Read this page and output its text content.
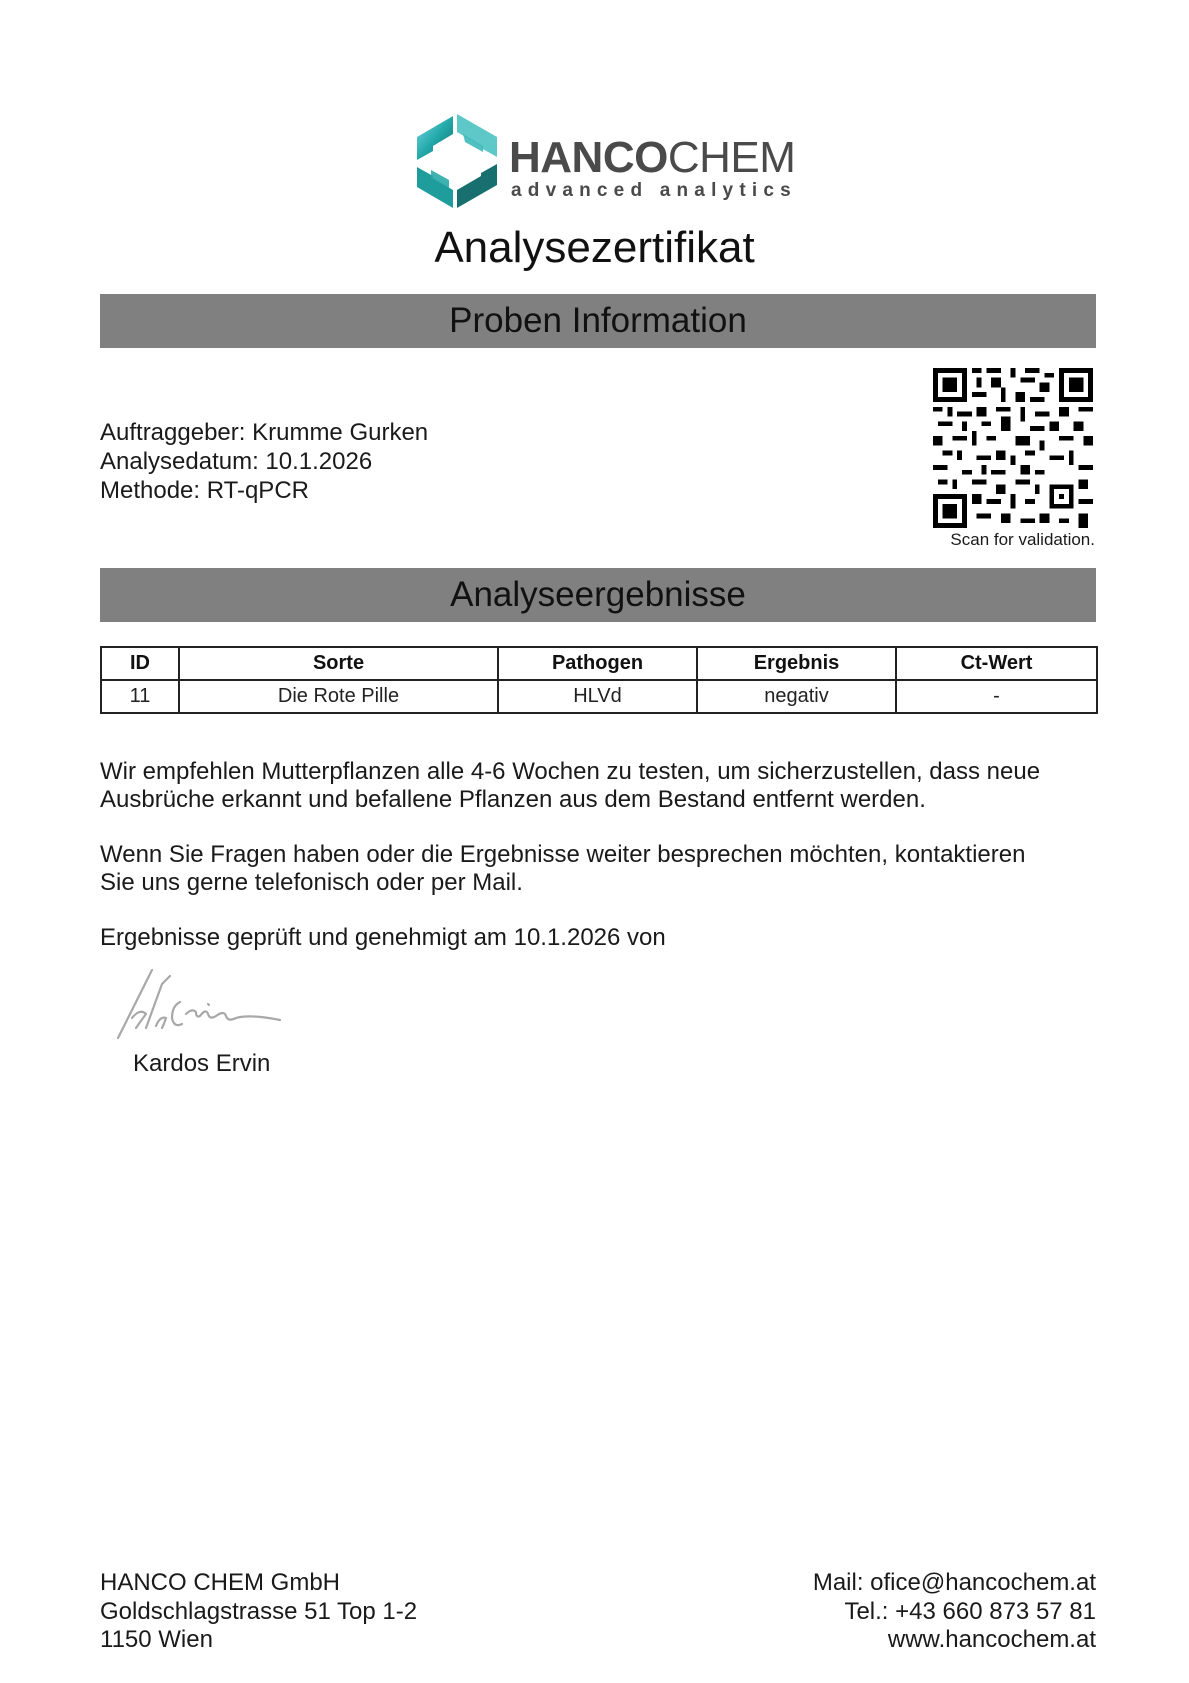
HANCOCHEM
advanced analytics
Analysezertifikat
Proben Information
Auftraggeber: Krumme Gurken
Analysedatum: 10.1.2026
Methode: RT-qPCR
Scan for validation.
Analyseergebnisse
ID	Sorte	Pathogen	Ergebnis	Ct-Wert
11	Die Rote Pille	HLVd	negativ	-

Wir empfehlen Mutterpflanzen alle 4-6 Wochen zu testen, um sicherzustellen, dass neue Ausbrüche erkannt und befallene Pflanzen aus dem Bestand entfernt werden.

Wenn Sie Fragen haben oder die Ergebnisse weiter besprechen möchten, kontaktieren Sie uns gerne telefonisch oder per Mail.

Ergebnisse geprüft und genehmigt am 10.1.2026 von

Kardos Ervin
HANCO CHEM GmbH
Goldschlagstrasse 51 Top 1-2
1150 Wien
Mail: ofice@hancochem.at
Tel.: +43 660 873 57 81
www.hancochem.at
